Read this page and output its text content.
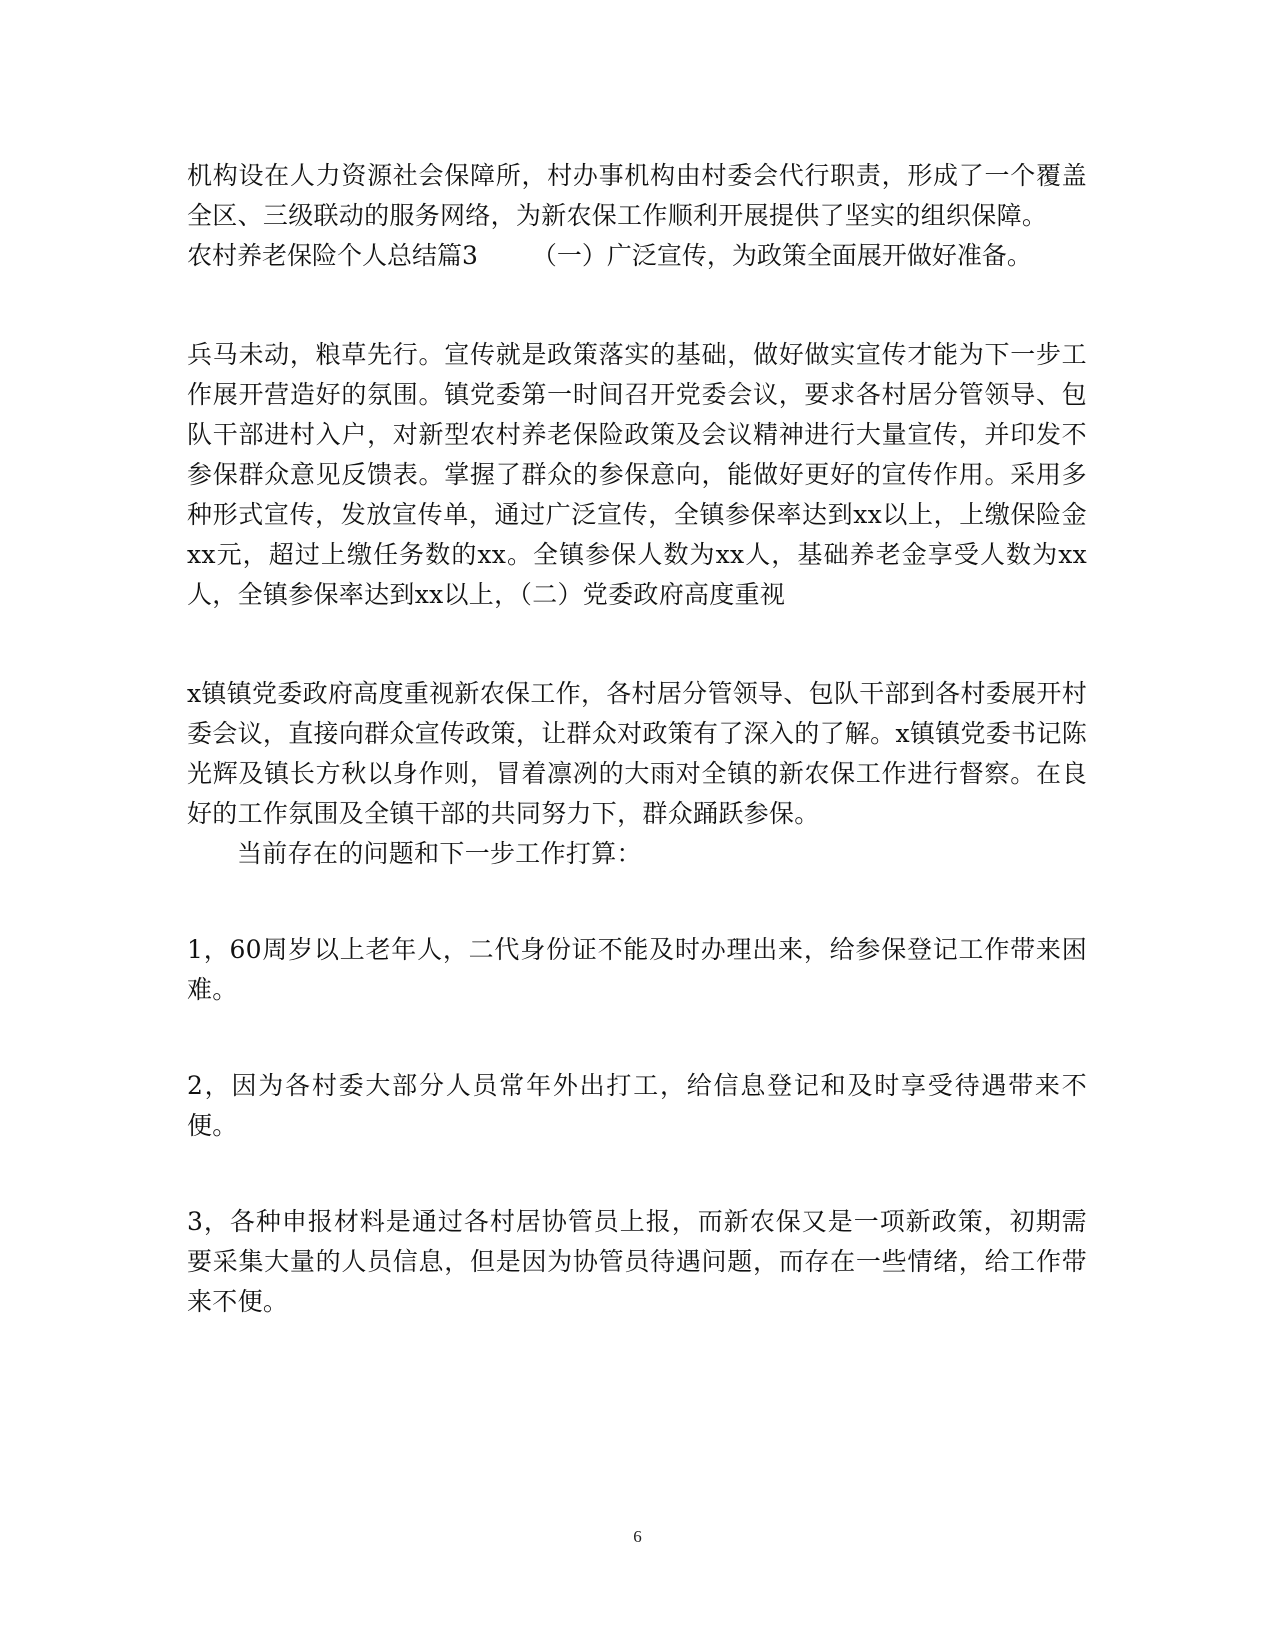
机构设在人力资源社会保障所，村办事机构由村委会代行职责，形成了一个覆盖全区、三级联动的服务网络，为新农保工作顺利开展提供了坚实的组织保障。

农村养老保险个人总结篇3 （一）广泛宣传，为政策全面展开做好准备。

兵马未动，粮草先行。宣传就是政策落实的基础，做好做实宣传才能为下一步工作展开营造好的氛围。镇党委第一时间召开党委会议，要求各村居分管领导、包队干部进村入户，对新型农村养老保险政策及会议精神进行大量宣传，并印发不参保群众意见反馈表。掌握了群众的参保意向，能做好更好的宣传作用。采用多种形式宣传，发放宣传单，通过广泛宣传，全镇参保率达到xx以上，上缴保险金xx元，超过上缴任务数的xx。全镇参保人数为xx人，基础养老金享受人数为xx人，全镇参保率达到xx以上，（二）党委政府高度重视

x镇镇党委政府高度重视新农保工作，各村居分管领导、包队干部到各村委展开村委会议，直接向群众宣传政策，让群众对政策有了深入的了解。x镇镇党委书记陈光辉及镇长方秋以身作则，冒着凛冽的大雨对全镇的新农保工作进行督察。在良好的工作氛围及全镇干部的共同努力下，群众踊跃参保。

当前存在的问题和下一步工作打算：

1，60周岁以上老年人，二代身份证不能及时办理出来，给参保登记工作带来困难。

2，因为各村委大部分人员常年外出打工，给信息登记和及时享受待遇带来不便。

3，各种申报材料是通过各村居协管员上报，而新农保又是一项新政策，初期需要采集大量的人员信息，但是因为协管员待遇问题，而存在一些情绪，给工作带来不便。

6
